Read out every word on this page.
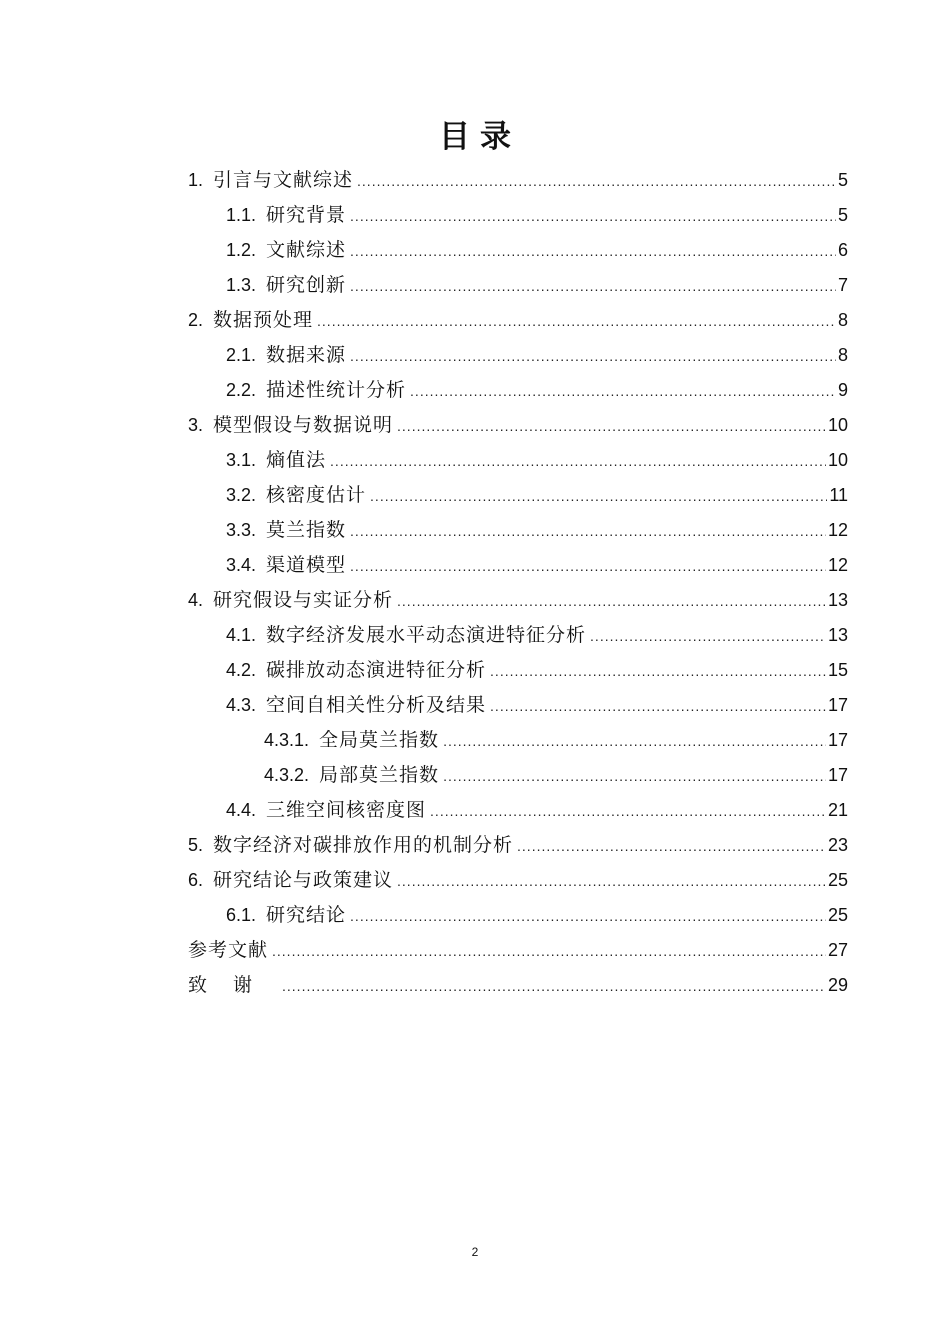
目录
1. 引言与文献综述 .....	5
1.1. 研究背景 .....	5
1.2. 文献综述 .....	6
1.3. 研究创新 .....	7
2. 数据预处理 .....	8
2.1. 数据来源 .....	8
2.2. 描述性统计分析 .....	9
3. 模型假设与数据说明 .....	10
3.1. 熵值法 .....	10
3.2. 核密度估计 .....	11
3.3. 莫兰指数 .....	12
3.4. 渠道模型 .....	12
4. 研究假设与实证分析 .....	13
4.1. 数字经济发展水平动态演进特征分析 .....	13
4.2. 碳排放动态演进特征分析 .....	15
4.3. 空间自相关性分析及结果 .....	17
4.3.1. 全局莫兰指数 .....	17
4.3.2. 局部莫兰指数 .....	17
4.4. 三维空间核密度图 .....	21
5. 数字经济对碳排放作用的机制分析 .....	23
6. 研究结论与政策建议 .....	25
6.1. 研究结论 .....	25
参考文献 .....	27
致谢 .....	29
2
